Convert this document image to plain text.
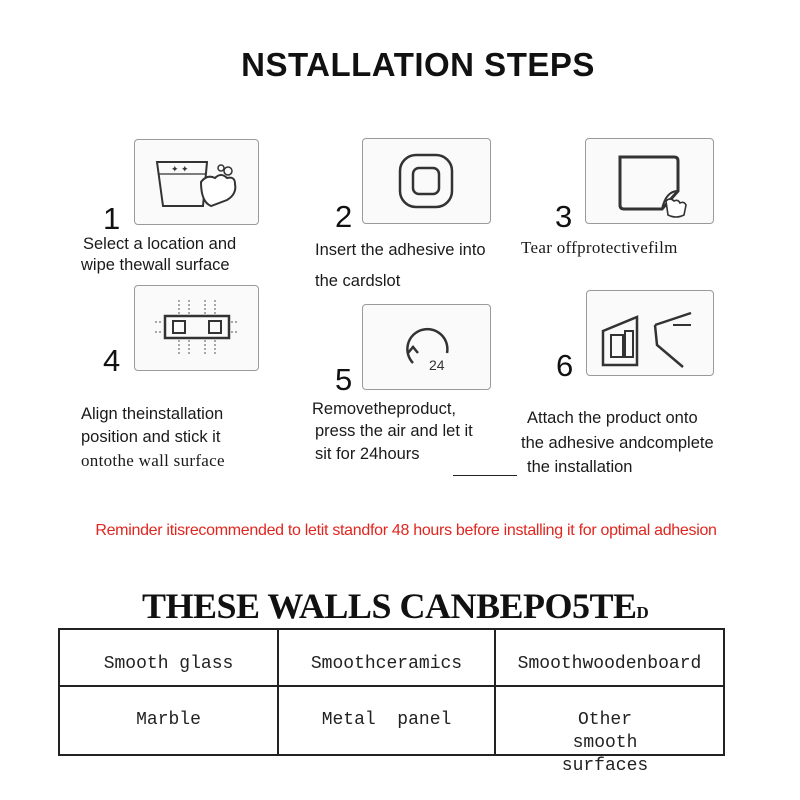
NSTALLATION STEPS
✦ ✦
1
Select a location and
wipe thewall surface
2
Insert the adhesive into
the cardslot
3
Tear offprotectivefilm
4
Align theinstallation
position and stick it
ontothe wall surface
24
5
Removetheproduct,
press the air and let it
sit for 24hours
6
Attach the product onto
the adhesive andcomplete
the installation
Reminder itisrecommended to letit standfor 48 hours before installing it for optimal adhesion
THESE WALLS CANBEPO5TED
Smooth glass	Smoothceramics	Smoothwoodenboard
Marble	Metal  panel	Other smooth surfaces
